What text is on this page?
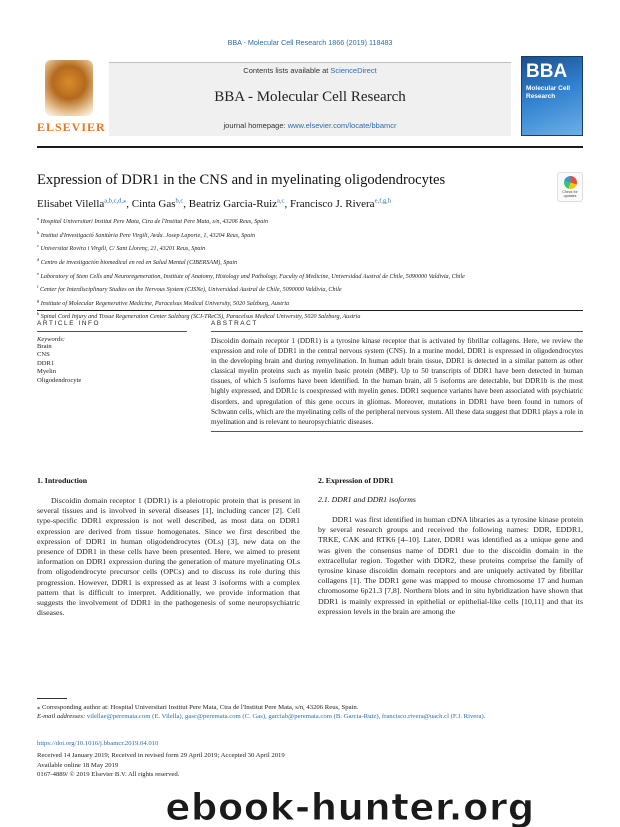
BBA - Molecular Cell Research 1866 (2019) 118483
ELSEVIER
Contents lists available at ScienceDirect
BBA - Molecular Cell Research
journal homepage: www.elsevier.com/locate/bbamcr
BBA
Molecular Cell Research
Expression of DDR1 in the CNS and in myelinating oligodendrocytes
Check for updates
Elisabet Vilella$^{a,b,c,d,⁎}$, Cinta Gas$^{b,c}$, Beatriz Garcia-Ruiz$^{a,c}$, Francisco J. Rivera$^{e,f,g,h}$
$^a$ Hospital Universitari Institut Pere Mata, Ctra de l'Institut Pere Mata, s/n, 43206 Reus, Spain
$^b$ Institut d'Investigació Sanitària Pere Virgili, Avda. Josep Laporte, 1, 43204 Reus, Spain
$^c$ Universitat Rovira i Virgili, C/ Sant Llorenç, 21, 43201 Reus, Spain
$^d$ Centro de investigación biomedical en red en Salud Mental (CIBERSAM), Spain
$^e$ Laboratory of Stem Cells and Neuroregeneration, Institute of Anatomy, Histology and Pathology, Faculty of Medicine, Universidad Austral de Chile, 5090000 Valdivia, Chile
$^f$ Center for Interdisciplinary Studies on the Nervous System (CISNe), Universidad Austral de Chile, 5090000 Valdivia, Chile
$^g$ Institute of Molecular Regenerative Medicine, Paracelsus Medical University, 5020 Salzburg, Austria
$^h$ Spinal Cord Injury and Tissue Regeneration Center Salzburg (SCI-TReCS), Paracelsus Medical University, 5020 Salzburg, Austria
ARTICLE INFO
Keywords:
Brain
CNS
DDR1
Myelin
Oligodendrocyte
ABSTRACT
Discoidin domain receptor 1 (DDR1) is a tyrosine kinase receptor that is activated by fibrillar collagens. Here, we review the expression and role of DDR1 in the central nervous system (CNS). In a murine model, DDR1 is expressed in oligodendrocytes in the developing brain and during remyelination. In human adult brain tissue, DDR1 is detected in a similar pattern as other classical myelin proteins such as myelin basic protein (MBP). Up to 50 transcripts of DDR1 have been detected in human tissues, of which 5 isoforms have been identified. In the human brain, all 5 isoforms are detectable, but DDR1b is the most highly expressed, and DDR1c is coexpressed with myelin genes. DDR1 sequence variants have been associated with psychiatric disorders, and upregulation of this gene occurs in gliomas. Moreover, mutations in DDR1 have been found in tumors of Schwann cells, which are the myelinating cells of the peripheral nervous system. All these data suggest that DDR1 plays a role in myelination and is relevant to neuropsychiatric diseases.
1. Introduction
Discoidin domain receptor 1 (DDR1) is a pleiotropic protein that is present in several tissues and is involved in several diseases [1], including cancer [2]. Cell type-specific DDR1 expression is not well described, as most data on DDR1 expression are derived from tissue homogenates. Since we first described the expression of DDR1 in human oligodendrocytes (OLs) [3], new data on the presence of DDR1 in these cells have been presented. Here, we aimed to present information on DDR1 expression during the generation of mature myelinating OLs from oligodendrocyte precursor cells (OPCs) and to discuss its role during this progression. However, DDR1 is expressed as at least 3 isoforms with a complex pattern that is difficult to interpret. Additionally, we provide information that suggests the involvement of DDR1 in the pathogenesis of some neuropsychiatric diseases.
2. Expression of DDR1
2.1. DDR1 and DDR1 isoforms
DDR1 was first identified in human cDNA libraries as a tyrosine kinase protein by several research groups and received the following names: DDR, EDDR1, TRKE, CAK and RTK6 [4–10]. Later, DDR1 was identified as a unique gene and was given the consensus name of DDR1 due to the discoidin domain in the extracellular region. Together with DDR2, these proteins comprise the family of tyrosine kinase discoidin domain receptors and are uniquely activated by fibrillar collagens [1]. The DDR1 gene was mapped to mouse chromosome 17 and human chromosome 6p21.3 [7,8]. Northern blots and in situ hybridization have shown that DDR1 is mainly expressed in epithelial or epithelial-like cells [10,11] and that its expression levels in the brain are among the
⁎ Corresponding author at: Hospital Universitari Institut Pere Mata, Ctra de l'Institut Pere Mata, s/n, 43206 Reus, Spain.
E-mail addresses: vilellae@peremata.com (E. Vilella), gasc@peremata.com (C. Gas), garciab@peremata.com (B. Garcia-Ruiz), francisco.rivera@uach.cl (F.J. Rivera).
https://doi.org/10.1016/j.bbamcr.2019.04.010
Received 14 January 2019; Received in revised form 29 April 2019; Accepted 30 April 2019
Available online 18 May 2019
0167-4889/ © 2019 Elsevier B.V. All rights reserved.
ebook-hunter.org
